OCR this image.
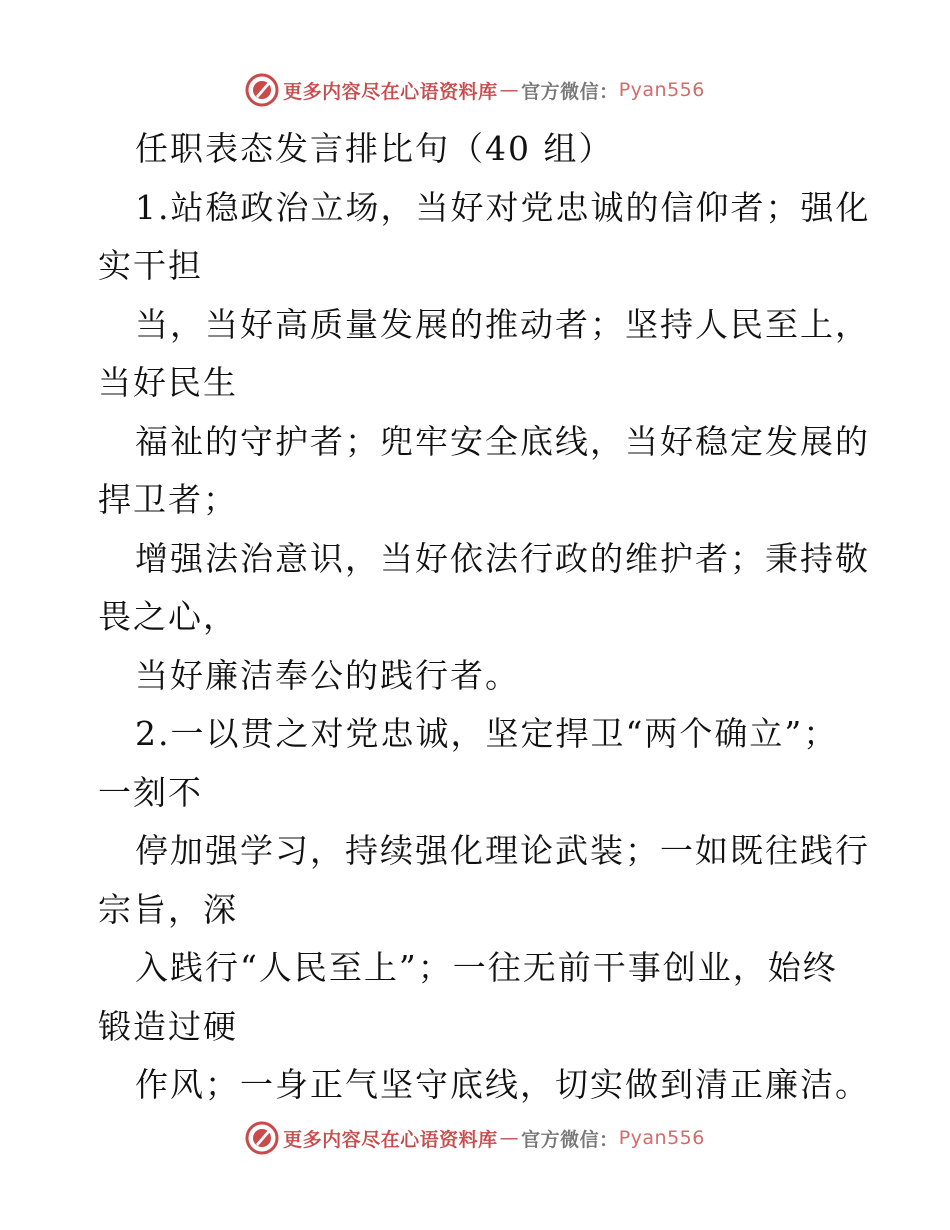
更多内容尽在心语资料库 — 官方微信： Pyan556
任职表态发言排比句（40 组）
1.站稳政治立场，当好对党忠诚的信仰者；强化
实干担
当，当好高质量发展的推动者；坚持人民至上，
当好民生
福祉的守护者；兜牢安全底线，当好稳定发展的
捍卫者；
增强法治意识，当好依法行政的维护者；秉持敬
畏之心，
当好廉洁奉公的践行者。
2.一以贯之对党忠诚，坚定捍卫“两个确立”；
一刻不
停加强学习，持续强化理论武装；一如既往践行
宗旨，深
入践行“人民至上”；一往无前干事创业，始终
锻造过硬
作风；一身正气坚守底线，切实做到清正廉洁。
更多内容尽在心语资料库 — 官方微信： Pyan556
